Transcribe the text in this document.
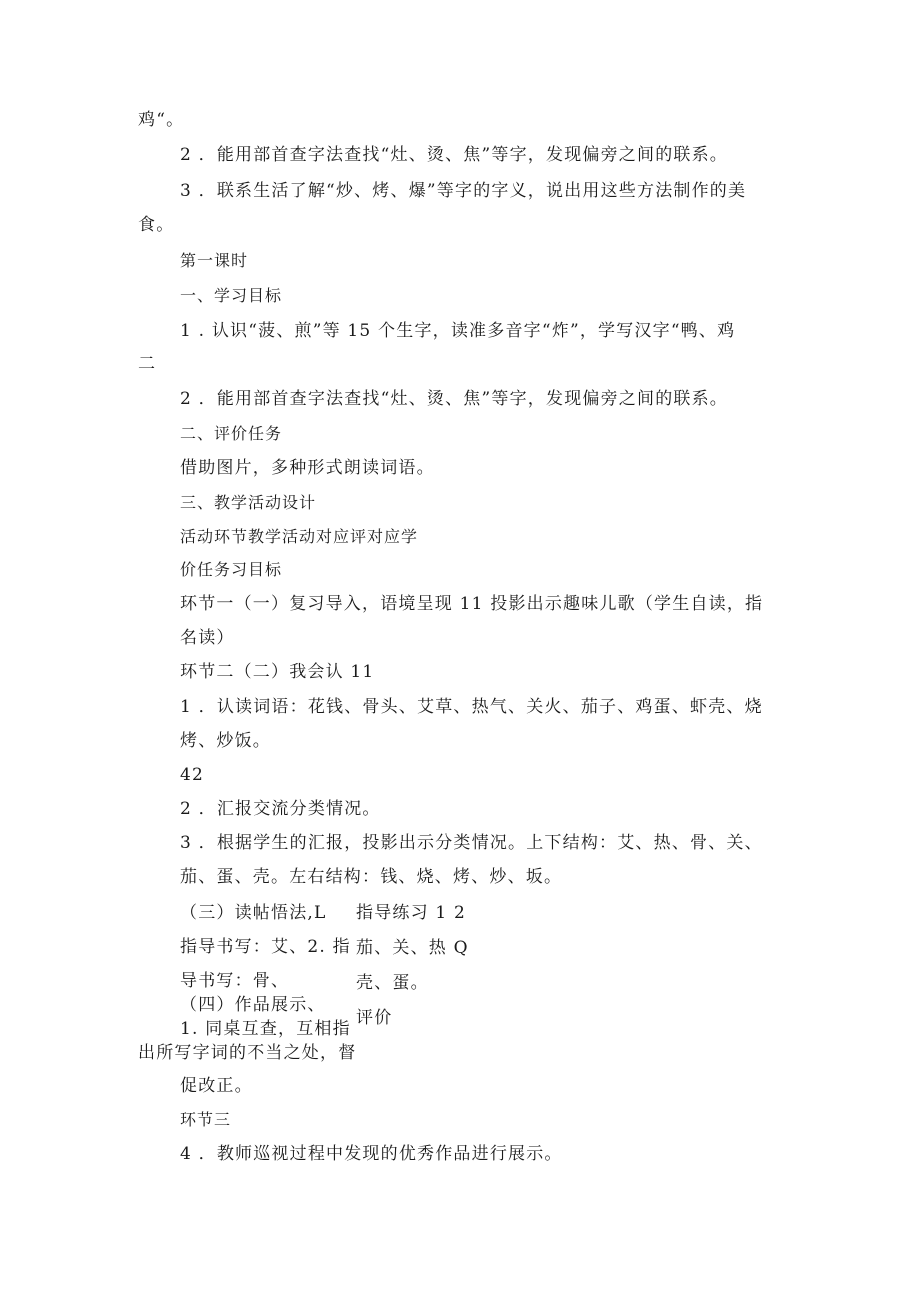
鸡“。
2 ．能用部首查字法查找“灶、烫、焦”等字，发现偏旁之间的联系。
3 ．联系生活了解“炒、烤、爆”等字的字义，说出用这些方法制作的美
食。
第一课时
一、学习目标
1 . 认识“菠、煎”等 15 个生字，读准多音字“炸”，学写汉字“鸭、鸡
二
2 ．能用部首查字法查找“灶、烫、焦”等字，发现偏旁之间的联系。
二、评价任务
借助图片，多种形式朗读词语。
三、教学活动设计
活动环节教学活动对应评对应学
价任务习目标
环节一（一）复习导入，语境呈现 11 投影出示趣味儿歌（学生自读，指
名读）
环节二（二）我会认 11
1 ．认读词语：花钱、骨头、艾草、热气、关火、茄子、鸡蛋、虾壳、烧
烤、炒饭。
42
2 ．汇报交流分类情况。
3 ．根据学生的汇报，投影出示分类情况。上下结构：艾、热、骨、关、
茄、蛋、壳。左右结构：钱、烧、烤、炒、坂。
（三）读帖悟法,L
指导书写：艾、2. 指
导书写：骨、
（四）作品展示、
1. 同桌互查，互相指
出所写字词的不当之处，督
促改正。
指导练习 1 2
茄、关、热 Q
壳、蛋。
评价
环节三
4 ．教师巡视过程中发现的优秀作品进行展示。
